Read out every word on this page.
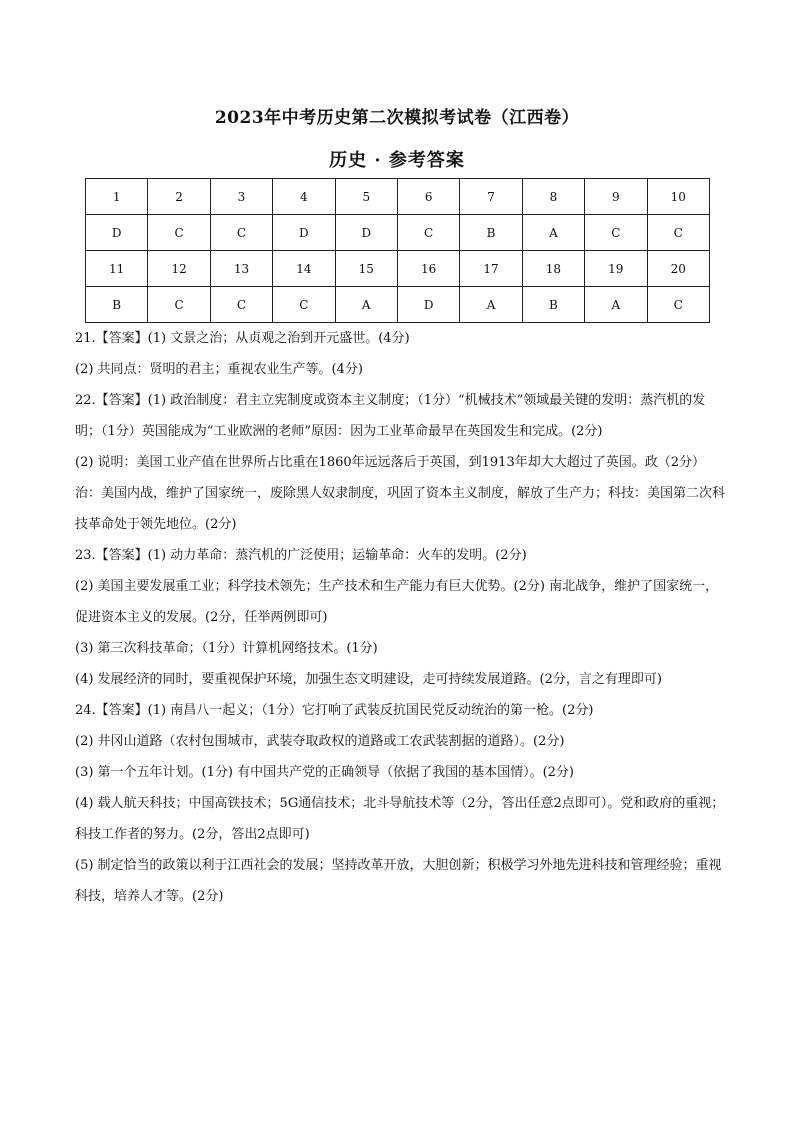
2023年中考历史第二次模拟考试卷（江西卷）
历史 · 参考答案
1	2	3	4	5	6	7	8	9	10
D	C	C	D	D	C	B	A	C	C
11	12	13	14	15	16	17	18	19	20
B	C	C	C	A	D	A	B	A	C

21.【答案】(1) 文景之治；从贞观之治到开元盛世。(4分)

(2) 共同点：贤明的君主；重视农业生产等。(4分)

22.【答案】(1) 政治制度：君主立宪制度或资本主义制度；（1分）“机械技术”领域最关键的发明：蒸汽机的发明；（1分）英国能成为“工业欧洲的老师”原因：因为工业革命最早在英国发生和完成。(2分)

(2) 说明：美国工业产值在世界所占比重在1860年远远落后于英国，到1913年却大大超过了英国。政（2分）治：美国内战，维护了国家统一，废除黑人奴隶制度，巩固了资本主义制度，解放了生产力；科技：美国第二次科技革命处于领先地位。(2分)

23.【答案】(1) 动力革命：蒸汽机的广泛使用；运输革命：火车的发明。(2分)

(2) 美国主要发展重工业；科学技术领先；生产技术和生产能力有巨大优势。(2分) 南北战争，维护了国家统一，促进资本主义的发展。(2分，任举两例即可)

(3) 第三次科技革命；（1分）计算机网络技术。(1分)

(4) 发展经济的同时，要重视保护环境，加强生态文明建设，走可持续发展道路。(2分，言之有理即可)

24.【答案】(1) 南昌八一起义；（1分）它打响了武装反抗国民党反动统治的第一枪。(2分)

(2) 井冈山道路（农村包围城市，武装夺取政权的道路或工农武装割据的道路）。(2分)

(3) 第一个五年计划。(1分) 有中国共产党的正确领导（依据了我国的基本国情）。(2分)

(4) 载人航天科技；中国高铁技术；5G通信技术；北斗导航技术等（2分，答出任意2点即可）。党和政府的重视；科技工作者的努力。(2分，答出2点即可)

(5) 制定恰当的政策以利于江西社会的发展；坚持改革开放，大胆创新；积极学习外地先进科技和管理经验；重视科技，培养人才等。(2分)
